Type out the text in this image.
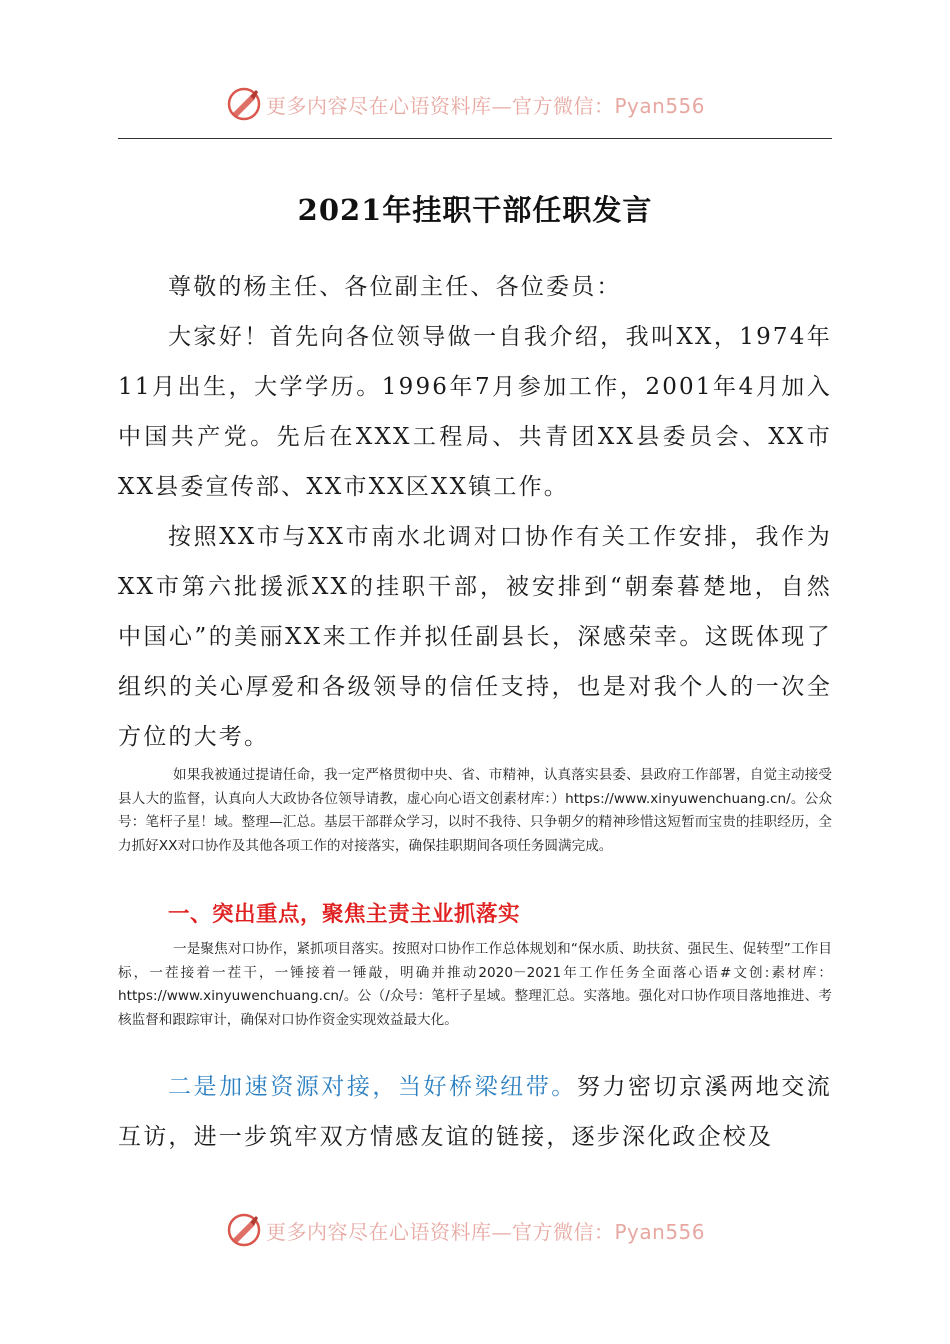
更多内容尽在心语资料库—官方微信：Pyan556
2021年挂职干部任职发言

尊敬的杨主任、各位副主任、各位委员：

大家好！首先向各位领导做一自我介绍，我叫XX，1974年11月出生，大学学历。1996年7月参加工作，2001年4月加入中国共产党。先后在XXX工程局、共青团XX县委员会、XX市XX县委宣传部、XX市XX区XX镇工作。

按照XX市与XX市南水北调对口协作有关工作安排，我作为XX市第六批援派XX的挂职干部，被安排到“朝秦暮楚地，自然中国心”的美丽XX来工作并拟任副县长，深感荣幸。这既体现了组织的关心厚爱和各级领导的信任支持，也是对我个人的一次全方位的大考。

如果我被通过提请任命，我一定严格贯彻中央、省、市精神，认真落实县委、县政府工作部署，自觉主动接受县人大的监督，认真向人大政协各位领导请教，虚心向心语文创素材库：）https://www.xinyuwenchuang.cn/。公众号：笔杆子星！域。整理—汇总。基层干部群众学习，以时不我待、只争朝夕的精神珍惜这短暂而宝贵的挂职经历，全力抓好XX对口协作及其他各项工作的对接落实，确保挂职期间各项任务圆满完成。

一、突出重点，聚焦主责主业抓落实

一是聚焦对口协作，紧抓项目落实。按照对口协作工作总体规划和“保水质、助扶贫、强民生、促转型”工作目标，一茬接着一茬干，一锤接着一锤敲，明确并推动2020－2021年工作任务全面落心语#文创:素材库：https://www.xinyuwenchuang.cn/。公（/众号：笔杆子星域。整理汇总。实落地。强化对口协作项目落地推进、考核监督和跟踪审计，确保对口协作资金实现效益最大化。

二是加速资源对接，当好桥梁纽带。努力密切京溪两地交流互访，进一步筑牢双方情感友谊的链接，逐步深化政企校及

更多内容尽在心语资料库—官方微信：Pyan556
